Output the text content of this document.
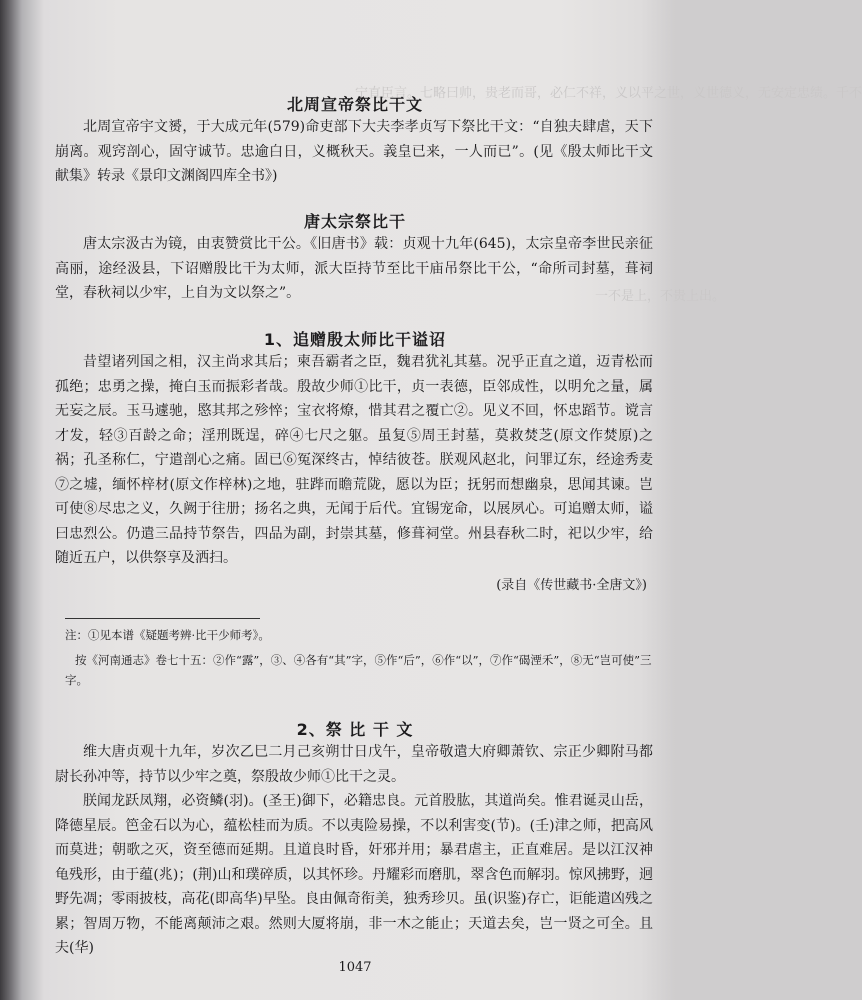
宁直臣言。七略曰帅，贵老而哥，必仁不祥，义以平之世，义世德义，无安定忠绩。千不
一不是上，不贵上出。
北周宣帝祭比干文
北周宣帝宇文赟，于大成元年(579)命吏部下大夫李孝贞写下祭比干文：“自独夫肆虐，天下崩离。观窍剖心，固守诚节。忠逾白日，义概秋天。義皇已来，一人而已”。(见《殷太师比干文献集》转录《景印文渊阁四库全书》)
唐太宗祭比干
唐太宗汲古为镜，由衷赞赏比干公。《旧唐书》载：贞观十九年(645)，太宗皇帝李世民亲征高丽，途经汲县，下诏赠殷比干为太师，派大臣持节至比干庙吊祭比干公，“命所司封墓，葺祠堂，春秋祠以少牢，上自为文以祭之”。
1、追赠殷太师比干谥诏
昔望诸列国之相，汉主尚求其后；柬吾霸者之臣，魏君犹礼其墓。况乎正直之道，迈青松而孤绝；忠勇之操，掩白玉而振彩者哉。殷故少师①比干，贞一表德，臣邻成性，以明允之量，属无妄之辰。玉马遽驰，愍其邦之殄悴；宝衣将燎，惜其君之覆亡②。见义不回，怀忠蹈节。谠言才发，轻③百龄之命；淫刑既逞，碎④七尺之躯。虽复⑤周王封墓，莫救焚芝(原文作焚原)之祸；孔圣称仁，宁遣剖心之痛。固已⑥冤深终古，悼结彼苍。朕观风赵北，问罪辽东，经途秀麦⑦之墟，缅怀梓材(原文作梓林)之地，驻跸而瞻荒陇，愿以为臣；抚躬而想幽泉，思闻其谏。岂可使⑧尽忠之义，久阙于往册；扬名之典，无闻于后代。宜锡宠命，以展夙心。可追赠太师，谥曰忠烈公。仍遣三品持节祭告，四品为副，封崇其墓，修葺祠堂。州县春秋二时，祀以少牢，给随近五户，以供祭享及洒扫。
(录自《传世藏书·全唐文》)
注：①见本谱《疑题考辨·比干少师考》。
按《河南通志》卷七十五：②作“露”，③、④各有“其”字，⑤作“后”，⑥作“以”，⑦作“碣湮禾”，⑧无“岂可使”三字。
2、祭 比 干 文
维大唐贞观十九年，岁次乙巳二月己亥朔廿日戊午，皇帝敬遣大府卿萧钦、宗正少卿附马都尉长孙冲等，持节以少牢之奠，祭殷故少师①比干之灵。
朕闻龙跃凤翔，必资鳞(羽)。(圣王)御下，必籍忠良。元首股肱，其道尚矣。惟君诞灵山岳，降德星辰。笆金石以为心，蕴松桂而为质。不以夷险易操，不以利害变(节)。(壬)津之师，把高风而莫进；朝歌之灭，资至德而延期。且道良时昏，奸邪并用；暴君虐主，正直难居。是以江汉神龟残形，由于蕴(兆)；(荆)山和璞碎质，以其怀珍。丹耀彩而磨肌，翠含色而解羽。惊风拂野，迥野先凋；零雨披枝，高花(即高华)早坠。良由佩奇衔美，独秀珍贝。虽(识鉴)存亡，讵能遣凶残之累；智周万物，不能离颠沛之艰。然则大厦将崩，非一木之能止；天道去矣，岂一贤之可全。且夫(华)
1047
